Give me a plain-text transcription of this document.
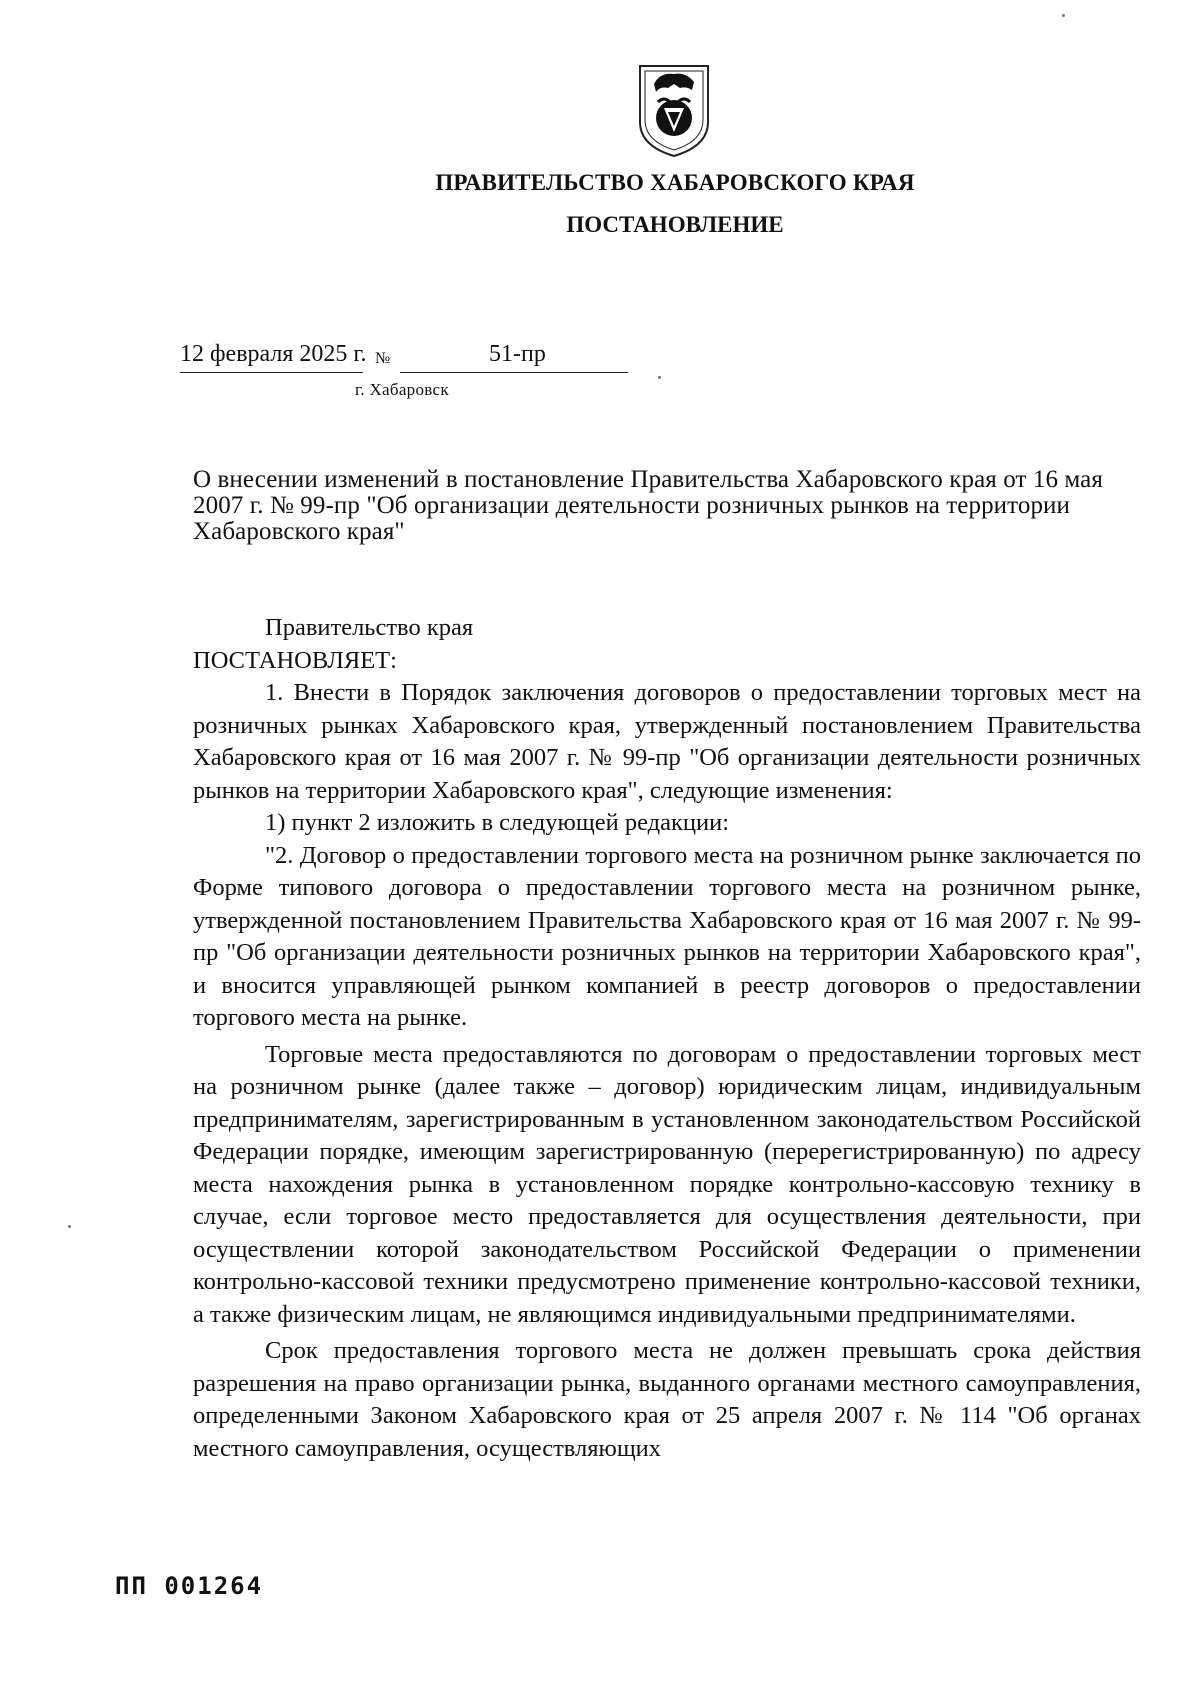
ПРАВИТЕЛЬСТВО ХАБАРОВСКОГО КРАЯ
ПОСТАНОВЛЕНИЕ
12 февраля 2025 г. №	51-пр
г. Хабаровск
О внесении изменений в постановление Правительства Хабаровского края от 16 мая 2007 г. № 99-пр "Об организации деятельности розничных рынков на территории Хабаровского края"

Правительство края

ПОСТАНОВЛЯЕТ:

1. Внести в Порядок заключения договоров о предоставлении торговых мест на розничных рынках Хабаровского края, утвержденный постановлением Правительства Хабаровского края от 16 мая 2007 г. № 99-пр "Об организации деятельности розничных рынков на территории Хабаровского края", следующие изменения:

1) пункт 2 изложить в следующей редакции:

"2. Договор о предоставлении торгового места на розничном рынке заключается по Форме типового договора о предоставлении торгового места на розничном рынке, утвержденной постановлением Правительства Хабаровского края от 16 мая 2007 г. № 99-пр "Об организации деятельности розничных рынков на территории Хабаровского края", и вносится управляющей рынком компанией в реестр договоров о предоставлении торгового места на рынке.

Торговые места предоставляются по договорам о предоставлении торговых мест на розничном рынке (далее также – договор) юридическим лицам, индивидуальным предпринимателям, зарегистрированным в установленном законодательством Российской Федерации порядке, имеющим зарегистрированную (перерегистрированную) по адресу места нахождения рынка в установленном порядке контрольно-кассовую технику в случае, если торговое место предоставляется для осуществления деятельности, при осуществлении которой законодательством Российской Федерации о применении контрольно-кассовой техники предусмотрено применение контрольно-кассовой техники, а также физическим лицам, не являющимся индивидуальными предпринимателями.

Срок предоставления торгового места не должен превышать срока действия разрешения на право организации рынка, выданного органами местного самоуправления, определенными Законом Хабаровского края от 25 апреля 2007 г. № 114 "Об органах местного самоуправления, осуществляющих

ПП 001264
